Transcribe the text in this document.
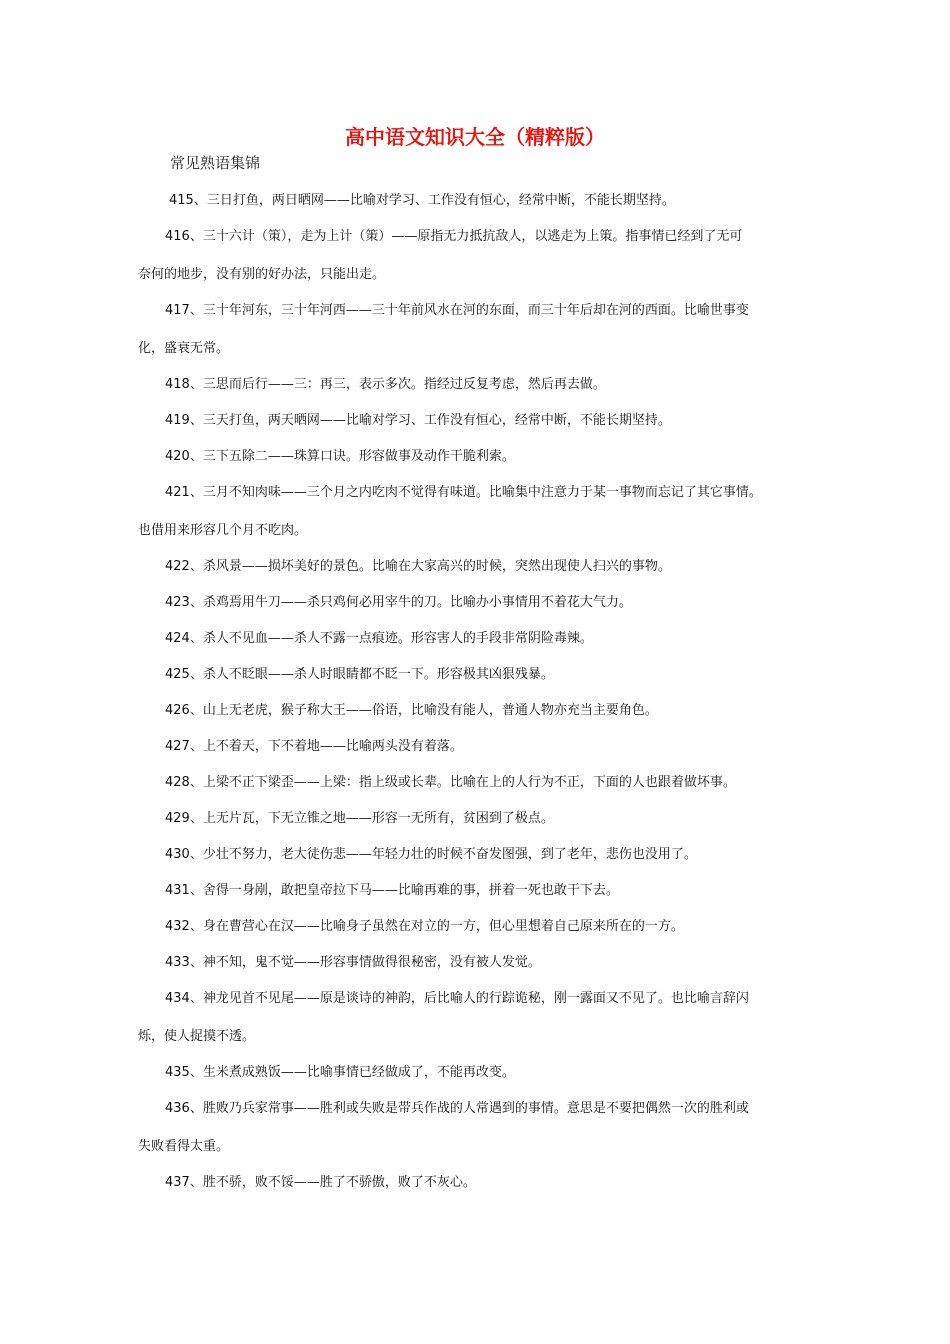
高中语文知识大全（精粹版）
常见熟语集锦
415、三日打鱼，两日晒网——比喻对学习、工作没有恒心，经常中断，不能长期坚持。
416、三十六计（策），走为上计（策）——原指无力抵抗敌人，以逃走为上策。指事情已经到了无可
奈何的地步，没有别的好办法，只能出走。
417、三十年河东，三十年河西——三十年前风水在河的东面，而三十年后却在河的西面。比喻世事变
化，盛衰无常。
418、三思而后行——三：再三，表示多次。指经过反复考虑，然后再去做。
419、三天打鱼，两天晒网——比喻对学习、工作没有恒心，经常中断，不能长期坚持。
420、三下五除二——珠算口诀。形容做事及动作干脆利索。
421、三月不知肉味——三个月之内吃肉不觉得有味道。比喻集中注意力于某一事物而忘记了其它事情。
也借用来形容几个月不吃肉。
422、杀风景——损坏美好的景色。比喻在大家高兴的时候，突然出现使人扫兴的事物。
423、杀鸡焉用牛刀——杀只鸡何必用宰牛的刀。比喻办小事情用不着花大气力。
424、杀人不见血——杀人不露一点痕迹。形容害人的手段非常阴险毒辣。
425、杀人不眨眼——杀人时眼睛都不眨一下。形容极其凶狠残暴。
426、山上无老虎，猴子称大王——俗语，比喻没有能人，普通人物亦充当主要角色。
427、上不着天，下不着地——比喻两头没有着落。
428、上梁不正下梁歪——上梁：指上级或长辈。比喻在上的人行为不正，下面的人也跟着做坏事。
429、上无片瓦，下无立锥之地——形容一无所有，贫困到了极点。
430、少壮不努力，老大徒伤悲——年轻力壮的时候不奋发图强，到了老年，悲伤也没用了。
431、舍得一身剐，敢把皇帝拉下马——比喻再难的事，拼着一死也敢干下去。
432、身在曹营心在汉——比喻身子虽然在对立的一方，但心里想着自己原来所在的一方。
433、神不知，鬼不觉——形容事情做得很秘密，没有被人发觉。
434、神龙见首不见尾——原是谈诗的神韵，后比喻人的行踪诡秘，刚一露面又不见了。也比喻言辞闪
烁，使人捉摸不透。
435、生米煮成熟饭——比喻事情已经做成了，不能再改变。
436、胜败乃兵家常事——胜利或失败是带兵作战的人常遇到的事情。意思是不要把偶然一次的胜利或
失败看得太重。
437、胜不骄，败不馁——胜了不骄傲，败了不灰心。
